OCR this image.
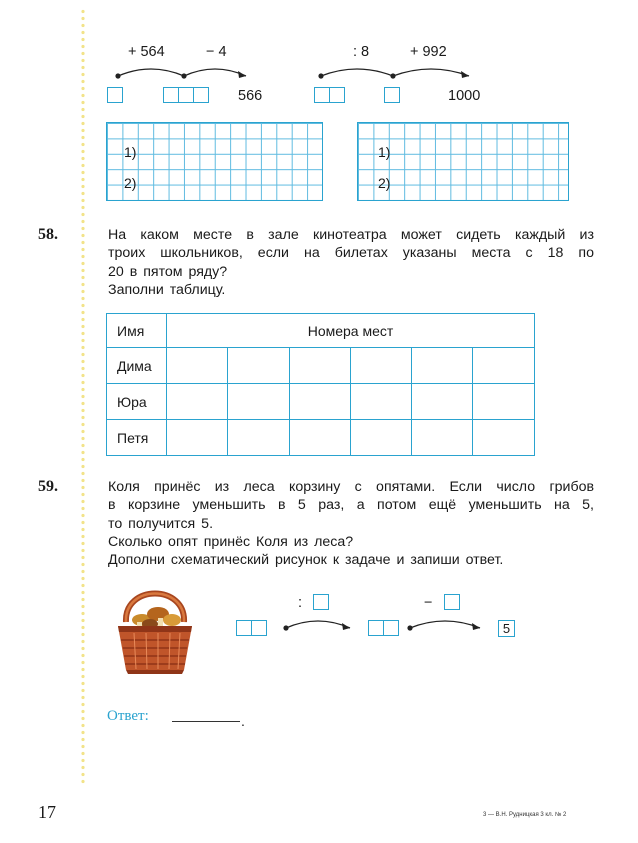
+ 564	− 4
566
: 8	+ 992
1000
1)
2)
1)
2)
58.	На каком месте в зале кинотеатра может сидеть каждый из
троих школьников, если на билетах указаны места с 18 по
20 в пятом ряду?
Заполни таблицу.
Имя	Номера мест					
Дима						
Юра						
Петя						
59.	Коля принёс из леса корзину с опятами. Если число грибов
в корзине уменьшить в 5 раз, а потом ещё уменьшить на 5,
то получится 5.
Сколько опят принёс Коля из леса?
Дополни схематический рисунок к задаче и запиши ответ.
:	−
5
Ответ:	.
17	3 — В.Н. Рудницкая 3 кл. № 2
